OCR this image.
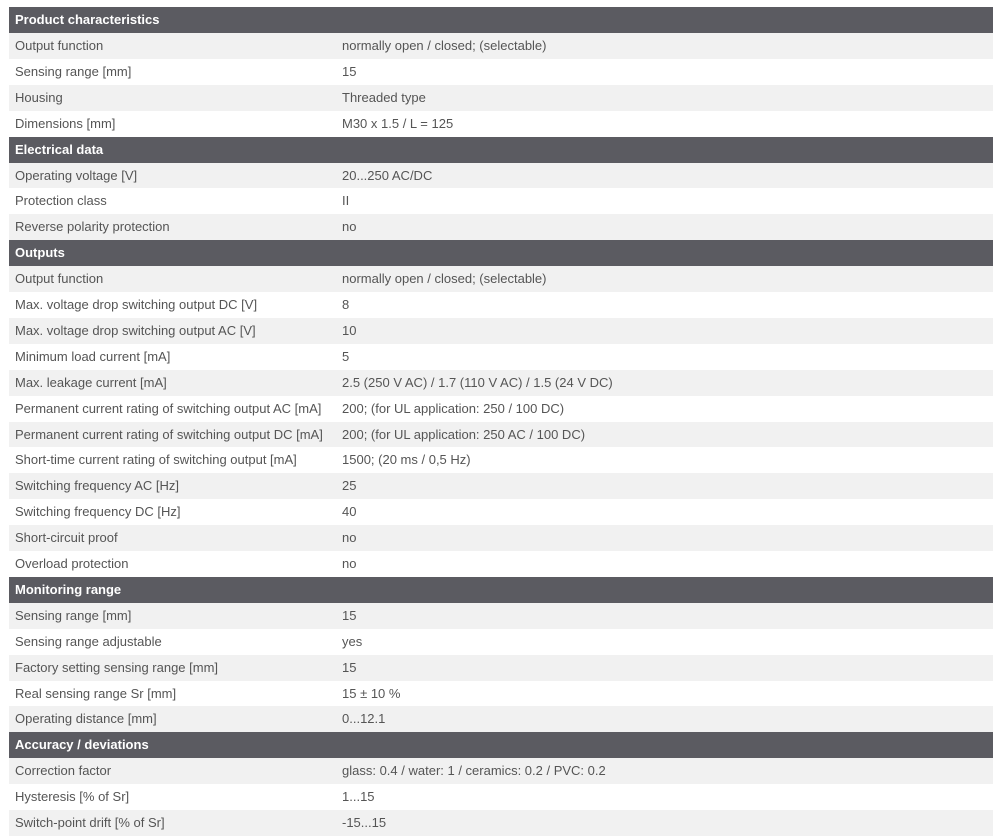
Product characteristics
Output function	normally open / closed; (selectable)
Sensing range [mm]	15
Housing	Threaded type
Dimensions [mm]	M30 x 1.5 / L = 125
Electrical data
Operating voltage [V]	20...250 AC/DC
Protection class	II
Reverse polarity protection	no
Outputs
Output function	normally open / closed; (selectable)
Max. voltage drop switching output DC [V]	8
Max. voltage drop switching output AC [V]	10
Minimum load current [mA]	5
Max. leakage current [mA]	2.5 (250 V AC) / 1.7 (110 V AC) / 1.5 (24 V DC)
Permanent current rating of switching output AC [mA]	200; (for UL application: 250 / 100 DC)
Permanent current rating of switching output DC [mA]	200; (for UL application: 250 AC / 100 DC)
Short-time current rating of switching output [mA]	1500; (20 ms / 0,5 Hz)
Switching frequency AC [Hz]	25
Switching frequency DC [Hz]	40
Short-circuit proof	no
Overload protection	no
Monitoring range
Sensing range [mm]	15
Sensing range adjustable	yes
Factory setting sensing range [mm]	15
Real sensing range Sr [mm]	15 ± 10 %
Operating distance [mm]	0...12.1
Accuracy / deviations
Correction factor	glass: 0.4 / water: 1 / ceramics: 0.2 / PVC: 0.2
Hysteresis [% of Sr]	1...15
Switch-point drift [% of Sr]	-15...15
